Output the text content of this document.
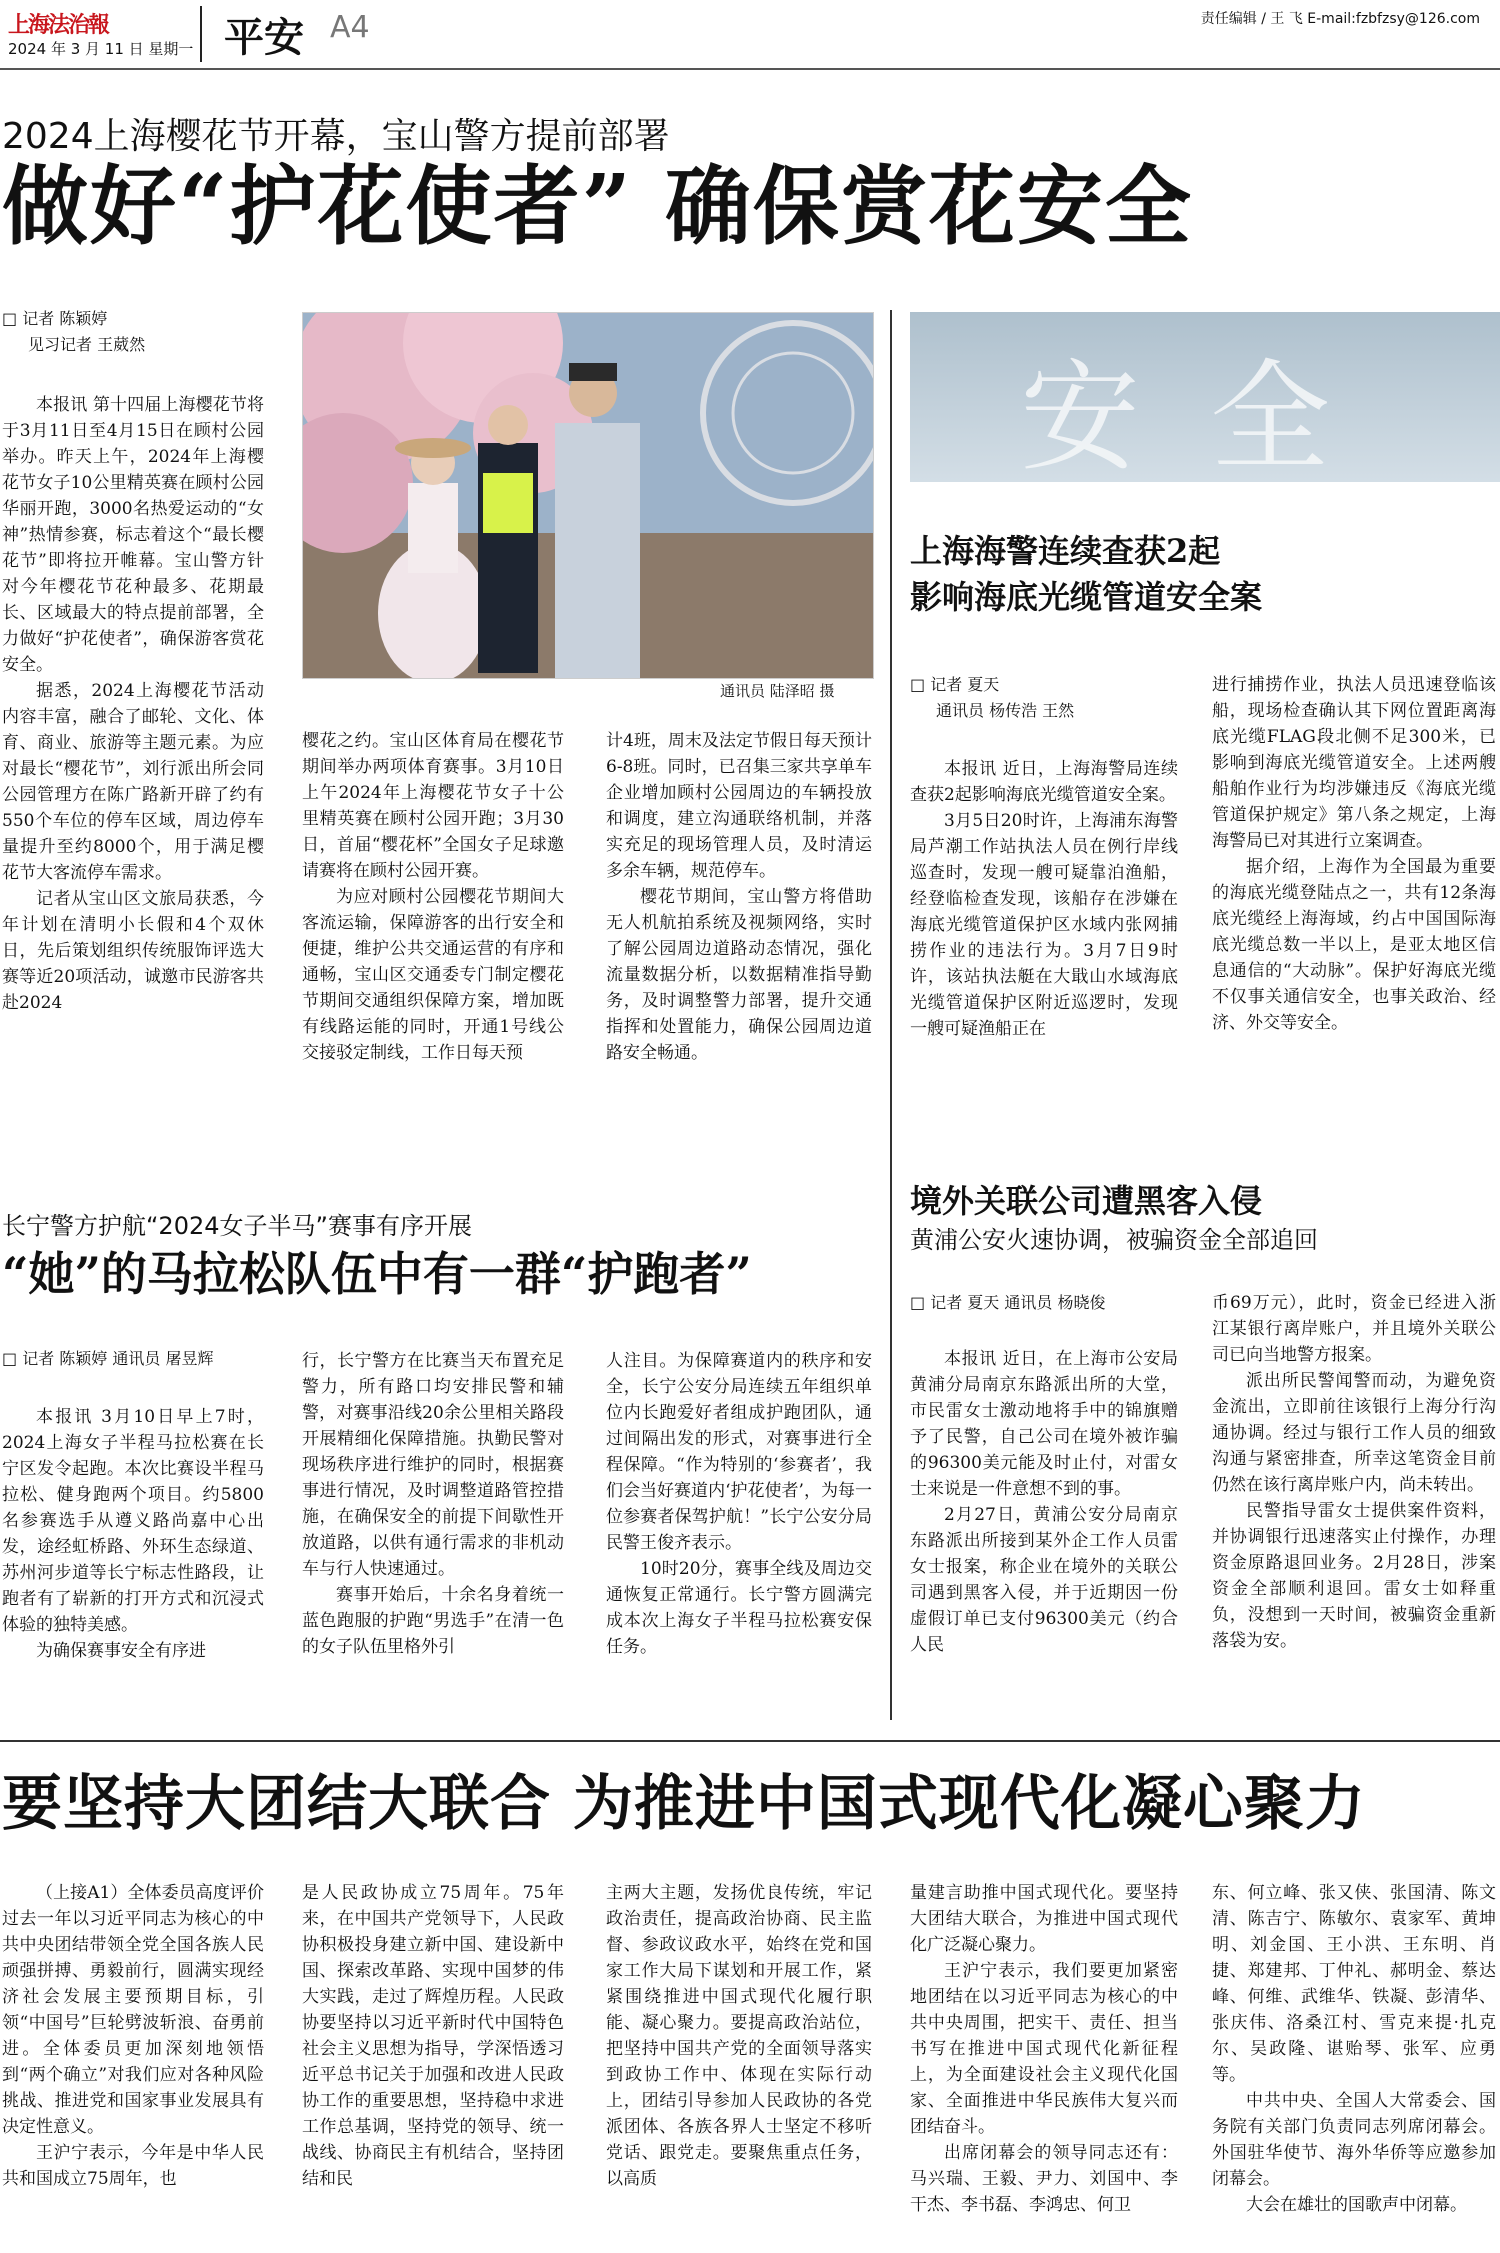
上海法治報
2024 年 3 月 11 日 星期一 平安 A4	责任编辑 / 王 飞 E-mail:fzbfzsy@126.com
2024上海樱花节开幕，宝山警方提前部署
做好“护花使者” 确保赏花安全
□ 记者 陈颖婷
见习记者 王葳然

本报讯 第十四届上海樱花节将于3月11日至4月15日在顾村公园举办。昨天上午，2024年上海樱花节女子10公里精英赛在顾村公园华丽开跑，3000名热爱运动的“女神”热情参赛，标志着这个“最长樱花节”即将拉开帷幕。宝山警方针对今年樱花节花种最多、花期最长、区域最大的特点提前部署，全力做好“护花使者”，确保游客赏花安全。

据悉，2024上海樱花节活动内容丰富，融合了邮轮、文化、体育、商业、旅游等主题元素。为应对最长“樱花节”，刘行派出所会同公园管理方在陈广路新开辟了约有550个车位的停车区域，周边停车量提升至约8000个，用于满足樱花节大客流停车需求。

记者从宝山区文旅局获悉，今年计划在清明小长假和4个双休日，先后策划组织传统服饰评选大赛等近20项活动，诚邀市民游客共赴2024

通讯员 陆泽昭 摄

樱花之约。宝山区体育局在樱花节期间举办两项体育赛事。3月10日上午2024年上海樱花节女子十公里精英赛在顾村公园开跑；3月30日，首届“樱花杯”全国女子足球邀请赛将在顾村公园开赛。

为应对顾村公园樱花节期间大客流运输，保障游客的出行安全和便捷，维护公共交通运营的有序和通畅，宝山区交通委专门制定樱花节期间交通组织保障方案，增加既有线路运能的同时，开通1号线公交接驳定制线，工作日每天预

计4班，周末及法定节假日每天预计6-8班。同时，已召集三家共享单车企业增加顾村公园周边的车辆投放和调度，建立沟通联络机制，并落实充足的现场管理人员，及时清运多余车辆，规范停车。

樱花节期间，宝山警方将借助无人机航拍系统及视频网络，实时了解公园周边道路动态情况，强化流量数据分析，以数据精准指导勤务，及时调整警力部署，提升交通指挥和处置能力，确保公园周边道路安全畅通。

长宁警方护航“2024女子半马”赛事有序开展
“她”的马拉松队伍中有一群“护跑者”
□ 记者 陈颖婷 通讯员 屠昱辉

本报讯 3月10日早上7时，2024上海女子半程马拉松赛在长宁区发令起跑。本次比赛设半程马拉松、健身跑两个项目。约5800名参赛选手从遵义路尚嘉中心出发，途经虹桥路、外环生态绿道、苏州河步道等长宁标志性路段，让跑者有了崭新的打开方式和沉浸式体验的独特美感。

为确保赛事安全有序进

行，长宁警方在比赛当天布置充足警力，所有路口均安排民警和辅警，对赛事沿线20余公里相关路段开展精细化保障措施。执勤民警对现场秩序进行维护的同时，根据赛事进行情况，及时调整道路管控措施，在确保安全的前提下间歇性开放道路，以供有通行需求的非机动车与行人快速通过。

赛事开始后，十余名身着统一蓝色跑服的护跑“男选手”在清一色的女子队伍里格外引

人注目。为保障赛道内的秩序和安全，长宁公安分局连续五年组织单位内长跑爱好者组成护跑团队，通过间隔出发的形式，对赛事进行全程保障。“作为特别的‘参赛者’，我们会当好赛道内‘护花使者’，为每一位参赛者保驾护航！”长宁公安分局民警王俊齐表示。

10时20分，赛事全线及周边交通恢复正常通行。长宁警方圆满完成本次上海女子半程马拉松赛安保任务。

安全
上海海警连续查获2起
影响海底光缆管道安全案
□ 记者 夏天
通讯员 杨传浩 王然

本报讯 近日，上海海警局连续查获2起影响海底光缆管道安全案。

3月5日20时许，上海浦东海警局芦潮工作站执法人员在例行岸线巡查时，发现一艘可疑靠泊渔船，经登临检查发现，该船存在涉嫌在海底光缆管道保护区水域内张网捕捞作业的违法行为。3月7日9时许，该站执法艇在大戢山水域海底光缆管道保护区附近巡逻时，发现一艘可疑渔船正在

进行捕捞作业，执法人员迅速登临该船，现场检查确认其下网位置距离海底光缆FLAG段北侧不足300米，已影响到海底光缆管道安全。上述两艘船舶作业行为均涉嫌违反《海底光缆管道保护规定》第八条之规定，上海海警局已对其进行立案调查。

据介绍，上海作为全国最为重要的海底光缆登陆点之一，共有12条海底光缆经上海海域，约占中国国际海底光缆总数一半以上，是亚太地区信息通信的“大动脉”。保护好海底光缆不仅事关通信安全，也事关政治、经济、外交等安全。

境外关联公司遭黑客入侵
黄浦公安火速协调，被骗资金全部追回
□ 记者 夏天 通讯员 杨晓俊

本报讯 近日，在上海市公安局黄浦分局南京东路派出所的大堂，市民雷女士激动地将手中的锦旗赠予了民警，自己公司在境外被诈骗的96300美元能及时止付，对雷女士来说是一件意想不到的事。

2月27日，黄浦公安分局南京东路派出所接到某外企工作人员雷女士报案，称企业在境外的关联公司遇到黑客入侵，并于近期因一份虚假订单已支付96300美元（约合人民

币69万元），此时，资金已经进入浙江某银行离岸账户，并且境外关联公司已向当地警方报案。

派出所民警闻警而动，为避免资金流出，立即前往该银行上海分行沟通协调。经过与银行工作人员的细致沟通与紧密排查，所幸这笔资金目前仍然在该行离岸账户内，尚未转出。

民警指导雷女士提供案件资料，并协调银行迅速落实止付操作，办理资金原路退回业务。2月28日，涉案资金全部顺利退回。雷女士如释重负，没想到一天时间，被骗资金重新落袋为安。

要坚持大团结大联合 为推进中国式现代化凝心聚力

（上接A1）全体委员高度评价过去一年以习近平同志为核心的中共中央团结带领全党全国各族人民顽强拼搏、勇毅前行，圆满实现经济社会发展主要预期目标，引领“中国号”巨轮劈波斩浪、奋勇前进。全体委员更加深刻地领悟到“两个确立”对我们应对各种风险挑战、推进党和国家事业发展具有决定性意义。

王沪宁表示，今年是中华人民共和国成立75周年，也

是人民政协成立75周年。75年来，在中国共产党领导下，人民政协积极投身建立新中国、建设新中国、探索改革路、实现中国梦的伟大实践，走过了辉煌历程。人民政协要坚持以习近平新时代中国特色社会主义思想为指导，学深悟透习近平总书记关于加强和改进人民政协工作的重要思想，坚持稳中求进工作总基调，坚持党的领导、统一战线、协商民主有机结合，坚持团结和民

主两大主题，发扬优良传统，牢记政治责任，提高政治协商、民主监督、参政议政水平，始终在党和国家工作大局下谋划和开展工作，紧紧围绕推进中国式现代化履行职能、凝心聚力。要提高政治站位，把坚持中国共产党的全面领导落实到政协工作中、体现在实际行动上，团结引导参加人民政协的各党派团体、各族各界人士坚定不移听党话、跟党走。要聚焦重点任务，以高质

量建言助推中国式现代化。要坚持大团结大联合，为推进中国式现代化广泛凝心聚力。

王沪宁表示，我们要更加紧密地团结在以习近平同志为核心的中共中央周围，把实干、责任、担当书写在推进中国式现代化新征程上，为全面建设社会主义现代化国家、全面推进中华民族伟大复兴而团结奋斗。

出席闭幕会的领导同志还有：马兴瑞、王毅、尹力、刘国中、李干杰、李书磊、李鸿忠、何卫

东、何立峰、张又侠、张国清、陈文清、陈吉宁、陈敏尔、袁家军、黄坤明、刘金国、王小洪、王东明、肖捷、郑建邦、丁仲礼、郝明金、蔡达峰、何维、武维华、铁凝、彭清华、张庆伟、洛桑江村、雪克来提·扎克尔、吴政隆、谌贻琴、张军、应勇等。

中共中央、全国人大常委会、国务院有关部门负责同志列席闭幕会。外国驻华使节、海外华侨等应邀参加闭幕会。

大会在雄壮的国歌声中闭幕。
